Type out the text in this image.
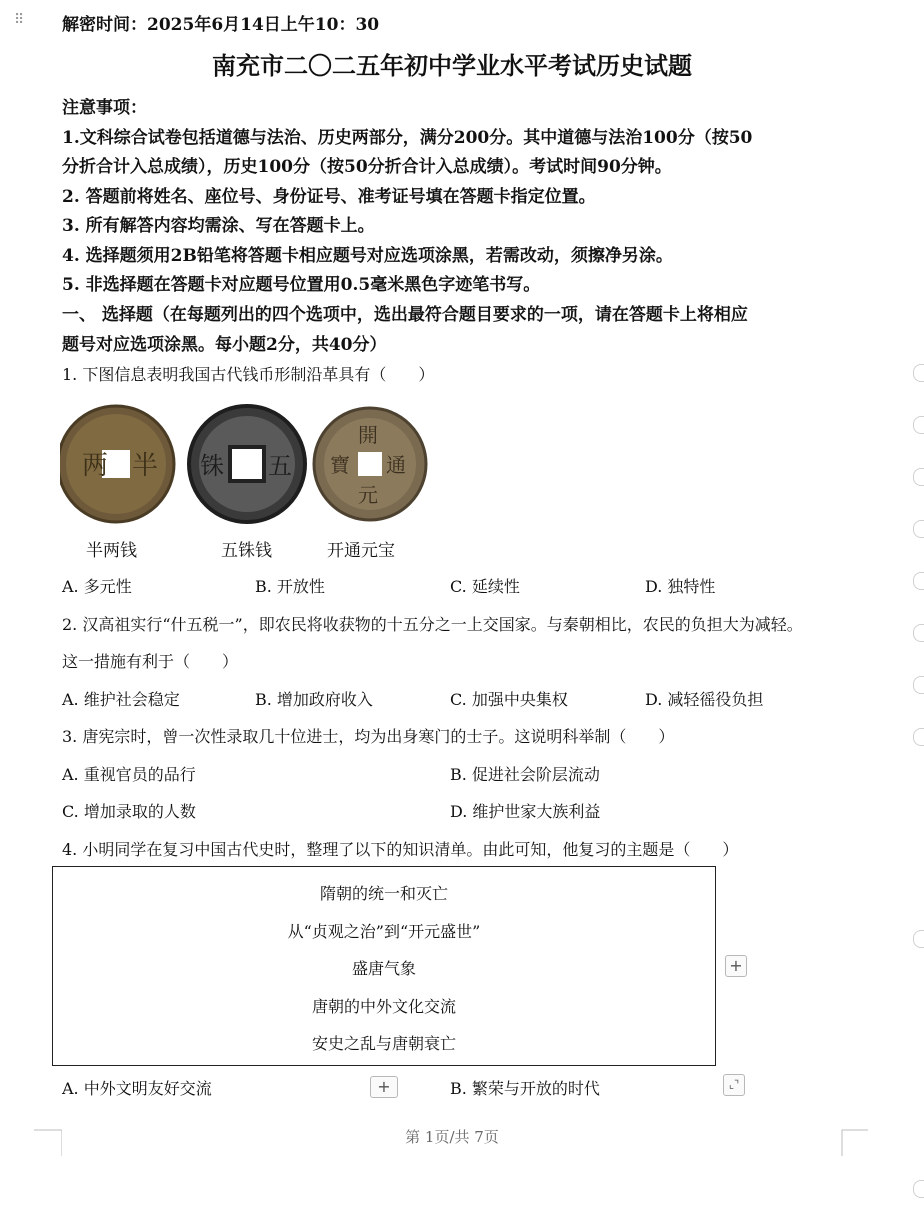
⠿ 解密时间：2025年6月14日上午10：30
南充市二〇二五年初中学业水平考试历史试题
注意事项：
1.文科综合试卷包括道德与法治、历史两部分，满分200分。其中道德与法治100分（按50
分折合计入总成绩），历史100分（按50分折合计入总成绩）。考试时间90分钟。
2. 答题前将姓名、座位号、身份证号、准考证号填在答题卡指定位置。
3. 所有解答内容均需涂、写在答题卡上。
4. 选择题须用2B铅笔将答题卡相应题号对应选项涂黑，若需改动，须擦净另涂。
5. 非选择题在答题卡对应题号位置用0.5毫米黑色字迹笔书写。
一、 选择题（在每题列出的四个选项中，选出最符合题目要求的一项，请在答题卡上将相应
题号对应选项涂黑。每小题2分，共40分）
1. 下图信息表明我国古代钱币形制沿革具有（　　）
两 半 铢 五
開
元
寶 通
半两钱	五铢钱	开通元宝
A. 多元性	B. 开放性	C. 延续性	D. 独特性
2. 汉高祖实行“什五税一”，即农民将收获物的十五分之一上交国家。与秦朝相比，农民的负担大为减轻。
这一措施有利于（　　）
A. 维护社会稳定	B. 增加政府收入	C. 加强中央集权	D. 减轻徭役负担
3. 唐宪宗时，曾一次性录取几十位进士，均为出身寒门的士子。这说明科举制（　　）
A. 重视官员的品行	B. 促进社会阶层流动
C. 增加录取的人数	D. 维护世家大族利益
4. 小明同学在复习中国古代史时，整理了以下的知识清单。由此可知，他复习的主题是（　　）
隋朝的统一和灭亡
从“贞观之治”到“开元盛世”
盛唐气象
唐朝的中外文化交流
安史之乱与唐朝衰亡
+
A. 中外文明友好交流	+	B. 繁荣与开放的时代	⌞⌝
第 1页/共 7页
